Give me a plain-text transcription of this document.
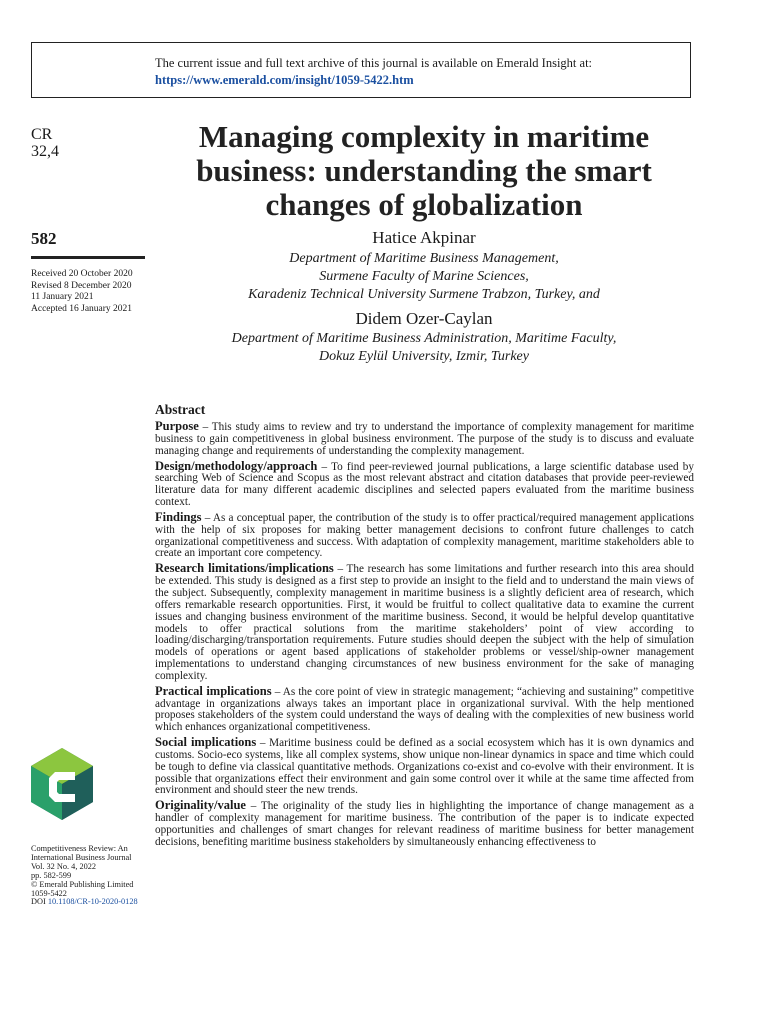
The current issue and full text archive of this journal is available on Emerald Insight at:
https://www.emerald.com/insight/1059-5422.htm
CR
32,4	Managing complexity in maritime
business: understanding the smart
changes of globalization
582
Received 20 October 2020
Revised 8 December 2020
11 January 2021
Accepted 16 January 2021
Hatice Akpinar
Department of Maritime Business Management,
Surmene Faculty of Marine Sciences,
Karadeniz Technical University Surmene Trabzon, Turkey, and
Didem Ozer-Caylan
Department of Maritime Business Administration, Maritime Faculty,
Dokuz Eylül University, Izmir, Turkey
Abstract

Purpose – This study aims to review and try to understand the importance of complexity management for maritime business to gain competitiveness in global business environment. The purpose of the study is to discuss and evaluate managing change and requirements of understanding the complexity management.

Design/methodology/approach – To find peer-reviewed journal publications, a large scientific database used by searching Web of Science and Scopus as the most relevant abstract and citation databases that provide peer-reviewed literature data for many different academic disciplines and selected papers evaluated from the maritime business context.

Findings – As a conceptual paper, the contribution of the study is to offer practical/required management applications with the help of six proposes for making better management decisions to confront future challenges to catch organizational competitiveness and success. With adaptation of complexity management, maritime stakeholders able to create an important core competency.

Research limitations/implications – The research has some limitations and further research into this area should be extended. This study is designed as a first step to provide an insight to the field and to understand the main views of the subject. Subsequently, complexity management in maritime business is a slightly deficient area of research, which offers remarkable research opportunities. First, it would be fruitful to collect qualitative data to examine the current issues and changing business environment of the maritime business. Second, it would be helpful develop quantitative models to offer practical solutions from the maritime stakeholders’ point of view according to loading/discharging/transportation requirements. Future studies should deepen the subject with the help of simulation models of operations or agent based applications of stakeholder problems or vessel/ship-owner management implementations to understand changing circumstances of new business environment for the sake of managing complexity.

Practical implications – As the core point of view in strategic management; “achieving and sustaining” competitive advantage in organizations always takes an important place in organizational survival. With the help mentioned proposes stakeholders of the system could understand the ways of dealing with the complexities of new business world which enhances organizational competitiveness.

Social implications – Maritime business could be defined as a social ecosystem which has it is own dynamics and customs. Socio-eco systems, like all complex systems, show unique non-linear dynamics in space and time which could be tough to define via classical quantitative methods. Organizations co-exist and co-evolve with their environment. It is possible that organizations effect their environment and gain some control over it while at the same time affected from environment and should steer the new trends.

Originality/value – The originality of the study lies in highlighting the importance of change management as a handler of complexity management for maritime business. The contribution of the paper is to indicate expected opportunities and challenges of smart changes for relevant readiness of maritime business for better management decisions, benefiting maritime business stakeholders by simultaneously enhancing effectiveness to

Competitiveness Review: An
International Business Journal
Vol. 32 No. 4, 2022
pp. 582-599
© Emerald Publishing Limited
1059-5422
DOI 10.1108/CR-10-2020-0128
